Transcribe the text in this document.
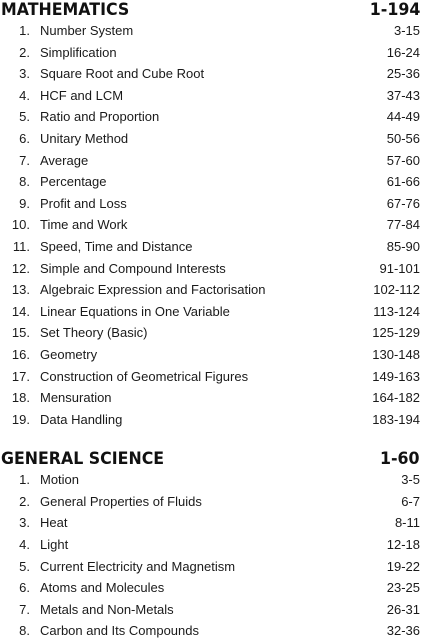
MATHEMATICS	1-194
1. Number System	3-15
2. Simplification	16-24
3. Square Root and Cube Root	25-36
4. HCF and LCM	37-43
5. Ratio and Proportion	44-49
6. Unitary Method	50-56
7. Average	57-60
8. Percentage	61-66
9. Profit and Loss	67-76
10. Time and Work	77-84
11. Speed, Time and Distance	85-90
12. Simple and Compound Interests	91-101
13. Algebraic Expression and Factorisation	102-112
14. Linear Equations in One Variable	113-124
15. Set Theory (Basic)	125-129
16. Geometry	130-148
17. Construction of Geometrical Figures	149-163
18. Mensuration	164-182
19. Data Handling	183-194
GENERAL SCIENCE	1-60
1. Motion	3-5
2. General Properties of Fluids	6-7
3. Heat	8-11
4. Light	12-18
5. Current Electricity and Magnetism	19-22
6. Atoms and Molecules	23-25
7. Metals and Non-Metals	26-31
8. Carbon and Its Compounds	32-36
